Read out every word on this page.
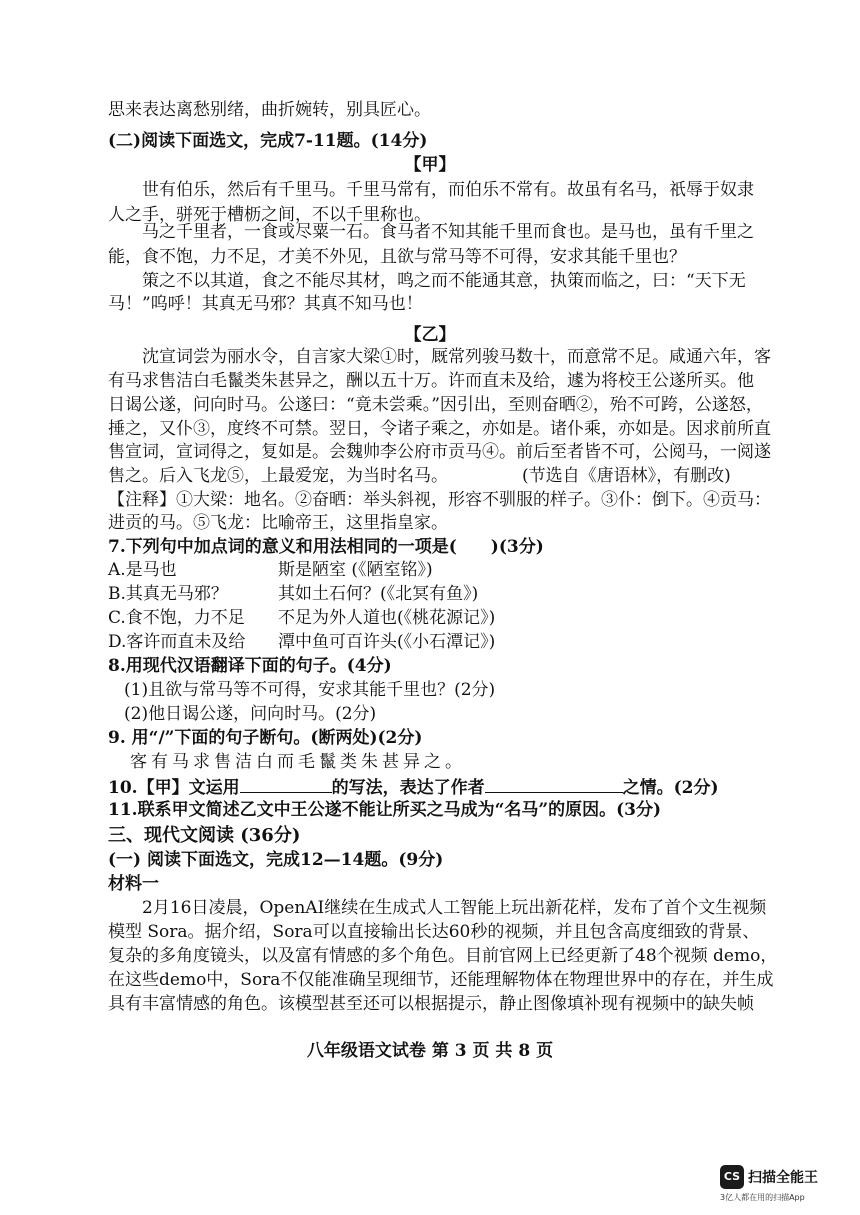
思来表达离愁别绪，曲折婉转，别具匠心。
(二)阅读下面选文，完成7-11题。(14分)
【甲】
世有伯乐，然后有千里马。千里马常有，而伯乐不常有。故虽有名马，祇辱于奴隶
人之手，骈死于槽枥之间，不以千里称也。
马之千里者，一食或尽粟一石。食马者不知其能千里而食也。是马也，虽有千里之
能，食不饱，力不足，才美不外见，且欲与常马等不可得，安求其能千里也？
策之不以其道，食之不能尽其材，鸣之而不能通其意，执策而临之，曰：“天下无
马！”呜呼！其真无马邪？其真不知马也！
【乙】
沈宣词尝为丽水令，自言家大梁①时，厩常列骏马数十，而意常不足。咸通六年，客
有马求售洁白毛鬣类朱甚异之，酬以五十万。许而直未及给，遽为将校王公遂所买。他
日谒公遂，问向时马。公遂曰：“竟未尝乘。”因引出，至则奋晒②，殆不可跨，公遂怒，
捶之，又仆③，度终不可禁。翌日，令诸子乘之，亦如是。诸仆乘，亦如是。因求前所直
售宣词，宣词得之，复如是。会魏帅李公府市贡马④。前后至者皆不可，公阅马，一阅遂
售之。后入飞龙⑤，上最爱宠，为当时名马。	(节选自《唐语林》，有删改)
【注释】①大梁：地名。②奋晒：举头斜视，形容不驯服的样子。③仆：倒下。④贡马：
进贡的马。⑤飞龙：比喻帝王，这里指皇家。
7.下列句中加点词的意义和用法相同的一项是(　　)(3分)
A.是马也	斯是陋室 (《陋室铭》)
B.其真无马邪？	其如土石何？(《北冥有鱼》)
C.食不饱，力不足 不足为外人道也(《桃花源记》)
D.客许而直未及给 潭中鱼可百许头(《小石潭记》)
8.用现代汉语翻译下面的句子。(4分)
(1)且欲与常马等不可得，安求其能千里也？(2分)
(2)他日谒公遂，问向时马。(2分)
9. 用“/”下面的句子断句。(断两处)(2分)
客有马求售洁白而毛鬣类朱甚异之。
10.【甲】文运用	的写法，表达了作者	之情。(2分)
11.联系甲文简述乙文中王公遂不能让所买之马成为“名马”的原因。(3分)
三、现代文阅读 (36分)
(一) 阅读下面选文，完成12—14题。(9分)
材料一
2月16日凌晨，OpenAI继续在生成式人工智能上玩出新花样，发布了首个文生视频
模型 Sora。据介绍，Sora可以直接输出长达60秒的视频，并且包含高度细致的背景、
复杂的多角度镜头，以及富有情感的多个角色。目前官网上已经更新了48个视频 demo，
在这些demo中，Sora不仅能准确呈现细节，还能理解物体在物理世界中的存在，并生成
具有丰富情感的角色。该模型甚至还可以根据提示，静止图像填补现有视频中的缺失帧
八年级语文试卷 第 3 页 共 8 页
CS 扫描全能王
3亿人都在用的扫描App
